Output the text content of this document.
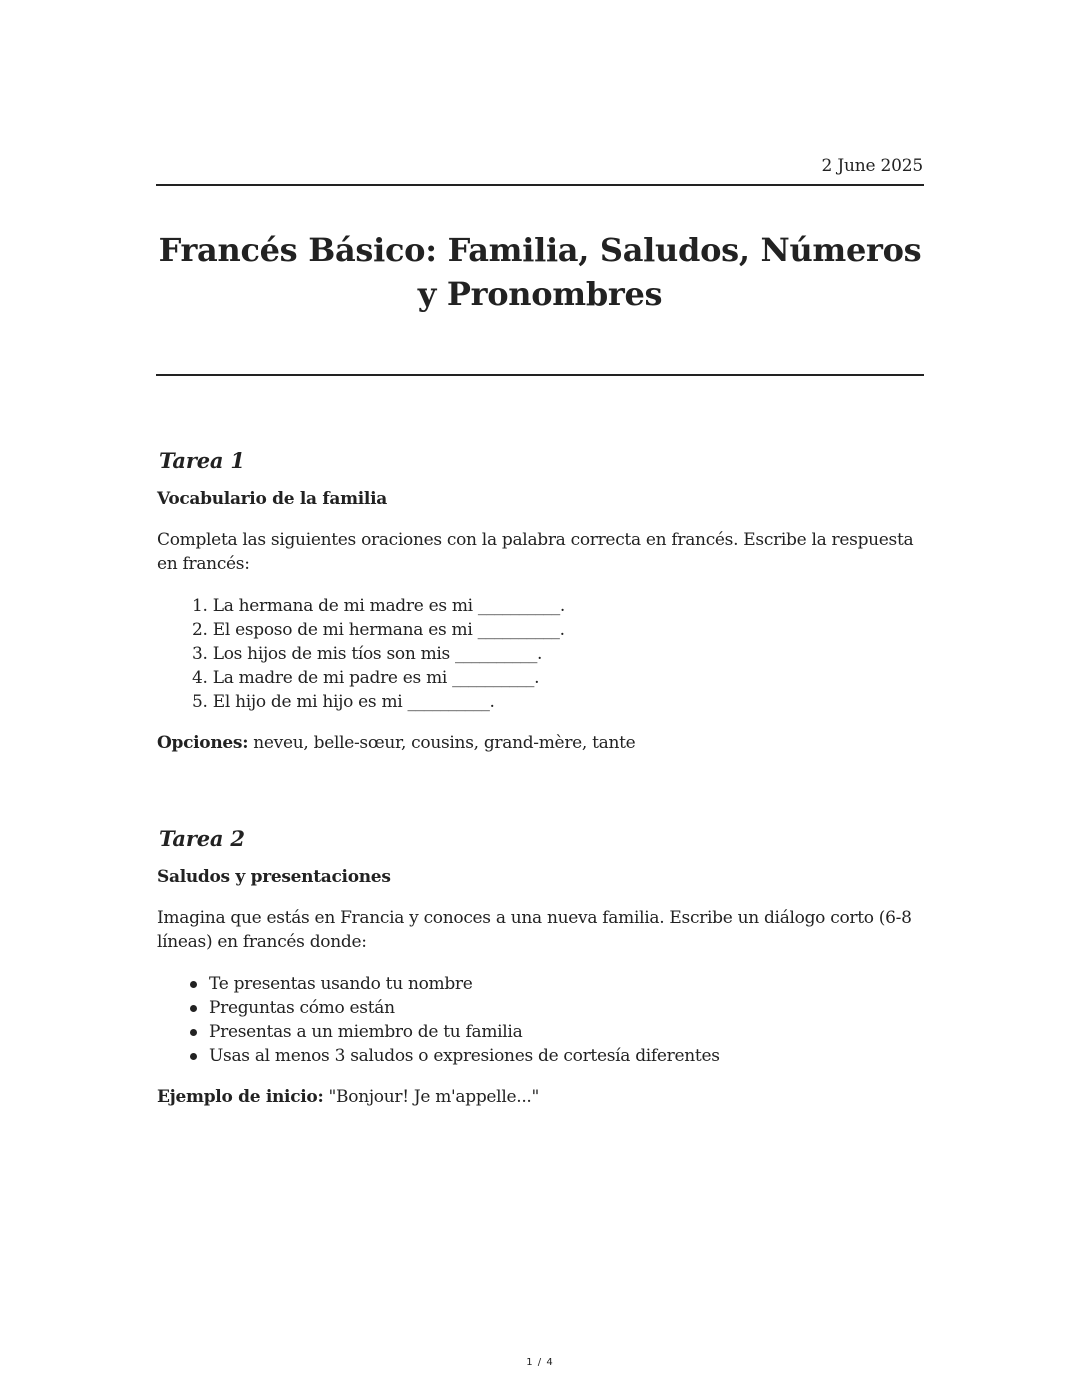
2 June 2025
Francés Básico: Familia, Saludos, Números y Pronombres
Tarea 1
Vocabulario de la familia
Completa las siguientes oraciones con la palabra correcta en francés. Escribe la respuesta en francés:
1. La hermana de mi madre es mi __________.
2. El esposo de mi hermana es mi __________.
3. Los hijos de mis tíos son mis __________.
4. La madre de mi padre es mi __________.
5. El hijo de mi hijo es mi __________.
Opciones: neveu, belle-sœur, cousins, grand-mère, tante
Tarea 2
Saludos y presentaciones
Imagina que estás en Francia y conoces a una nueva familia. Escribe un diálogo corto (6-8 líneas) en francés donde:
Te presentas usando tu nombre
Preguntas cómo están
Presentas a un miembro de tu familia
Usas al menos 3 saludos o expresiones de cortesía diferentes
Ejemplo de inicio: "Bonjour! Je m'appelle..."
1 / 4
